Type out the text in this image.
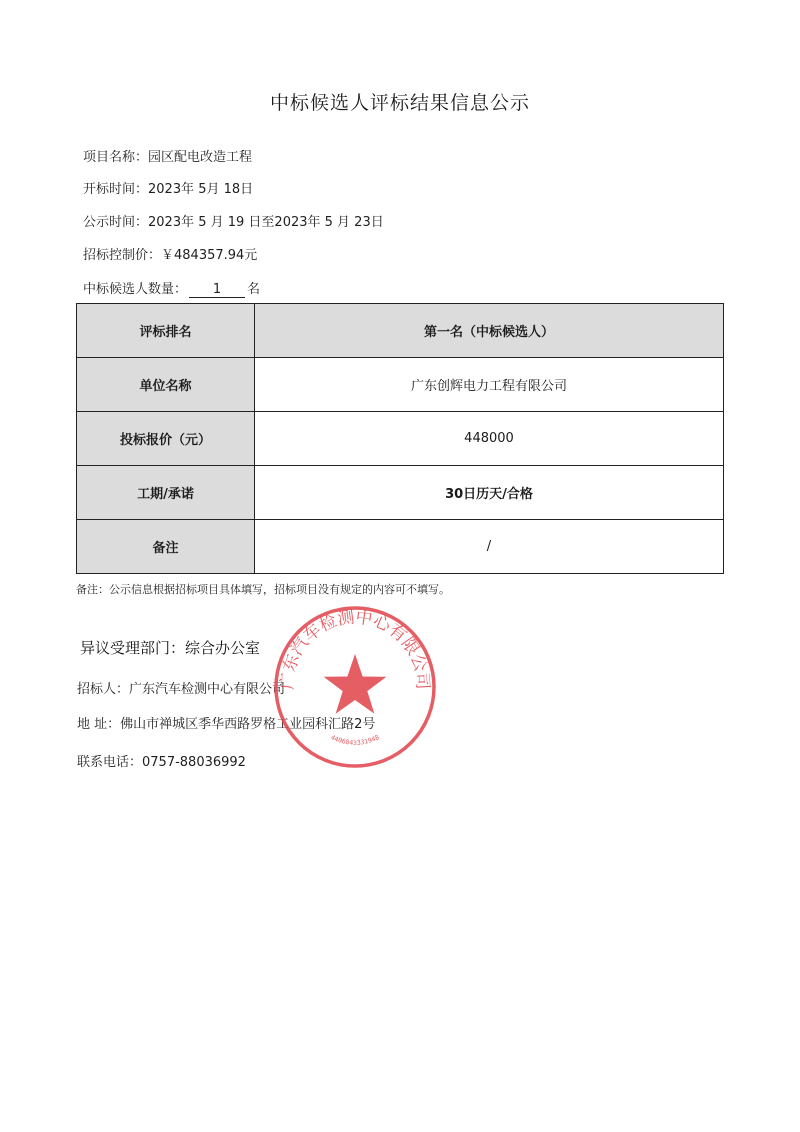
中标候选人评标结果信息公示
项目名称：园区配电改造工程
开标时间：2023年 5月 18日
公示时间：2023年 5 月 19 日至2023年 5 月 23日
招标控制价：￥484357.94元
中标候选人数量： 1 名
评标排名	第一名（中标候选人）
单位名称	广东创辉电力工程有限公司
投标报价（元）	448000
工期/承诺	30日历天/合格
备注	/
备注：公示信息根据招标项目具体填写，招标项目没有规定的内容可不填写。
异议受理部门：综合办公室
招标人：广东汽车检测中心有限公司
地 址：佛山市禅城区季华西路罗格工业园科汇路2号
联系电话：0757-88036992
广东汽车检测中心有限公司
4406043331948
